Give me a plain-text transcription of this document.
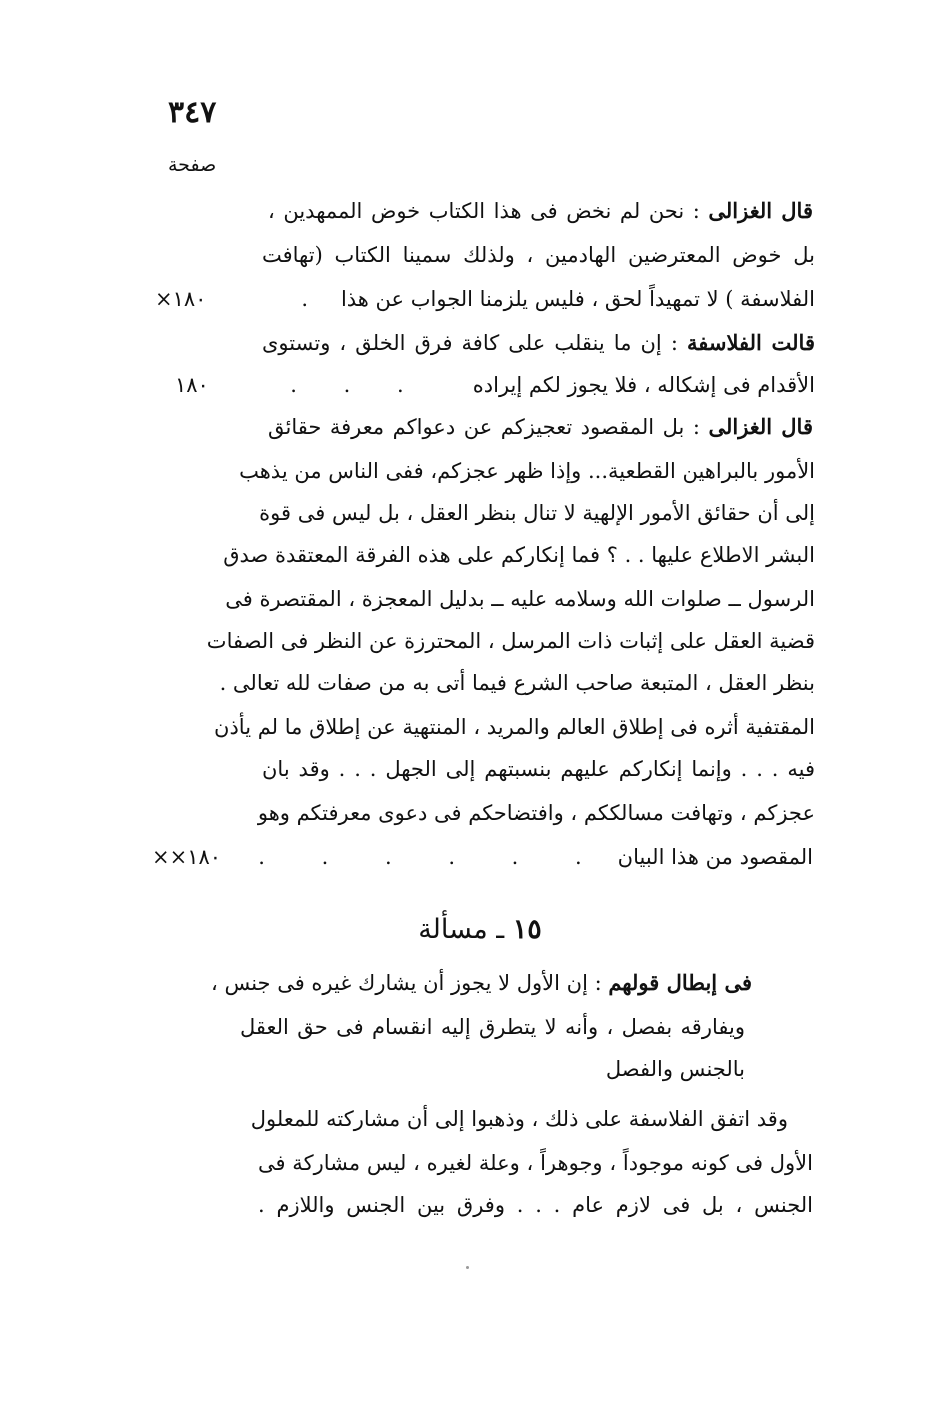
٣٤٧
صفحة
قال الغزالى : نحن لم نخض فى هذا الكتاب خوض الممهدين ،
بل خوض المعترضين الهادمين ، ولذلك سمينا الكتاب (تهافت
الفلاسفة ) لا تمهيداً لحق ، فليس يلزمنا الجواب عن هذا
.
١٨٠×
قالت الفلاسفة : إن ما ينقلب على كافة فرق الخلق ، وتستوى
الأقدام فى إشكاله ، فلا يجوز لكم إيراده
. . .
١٨٠
قال الغزالى : بل المقصود تعجيزكم عن دعواكم معرفة حقائق
الأمور بالبراهين القطعية... وإذا ظهر عجزكم، ففى الناس من يذهب
إلى أن حقائق الأمور الإلهية لا تنال بنظر العقل ، بل ليس فى قوة
البشر الاطلاع عليها . . ؟ فما إنكاركم على هذه الفرقة المعتقدة صدق
الرسول ــ صلوات الله وسلامه عليه ــ بدليل المعجزة ، المقتصرة فى
قضية العقل على إثبات ذات المرسل ، المحترزة عن النظر فى الصفات
بنظر العقل ، المتبعة صاحب الشرع فيما أتى به من صفات لله تعالى .
المقتفية أثره فى إطلاق العالم والمريد ، المنتهية عن إطلاق ما لم يأذن
فيه . . . وإنما إنكاركم عليهم بنسبتهم إلى الجهل . . . وقد بان
عجزكم ، وتهافت مسالككم ، وافتضاحكم فى دعوى معرفتكم وهو
المقصود من هذا البيان
. . . . . .
١٨٠××
١٥ ـ مسألة
فى إبطال قولهم : إن الأول لا يجوز أن يشارك غيره فى جنس ،
ويفارقه بفصل ، وأنه لا يتطرق إليه انقسام فى حق العقل
بالجنس والفصل
وقد اتفق الفلاسفة على ذلك ، وذهبوا إلى أن مشاركته للمعلول
الأول فى كونه موجوداً ، وجوهراً ، وعلة لغيره ، ليس مشاركة فى
الجنس ، بل فى لازم عام . . . وفرق بين الجنس واللازم .
